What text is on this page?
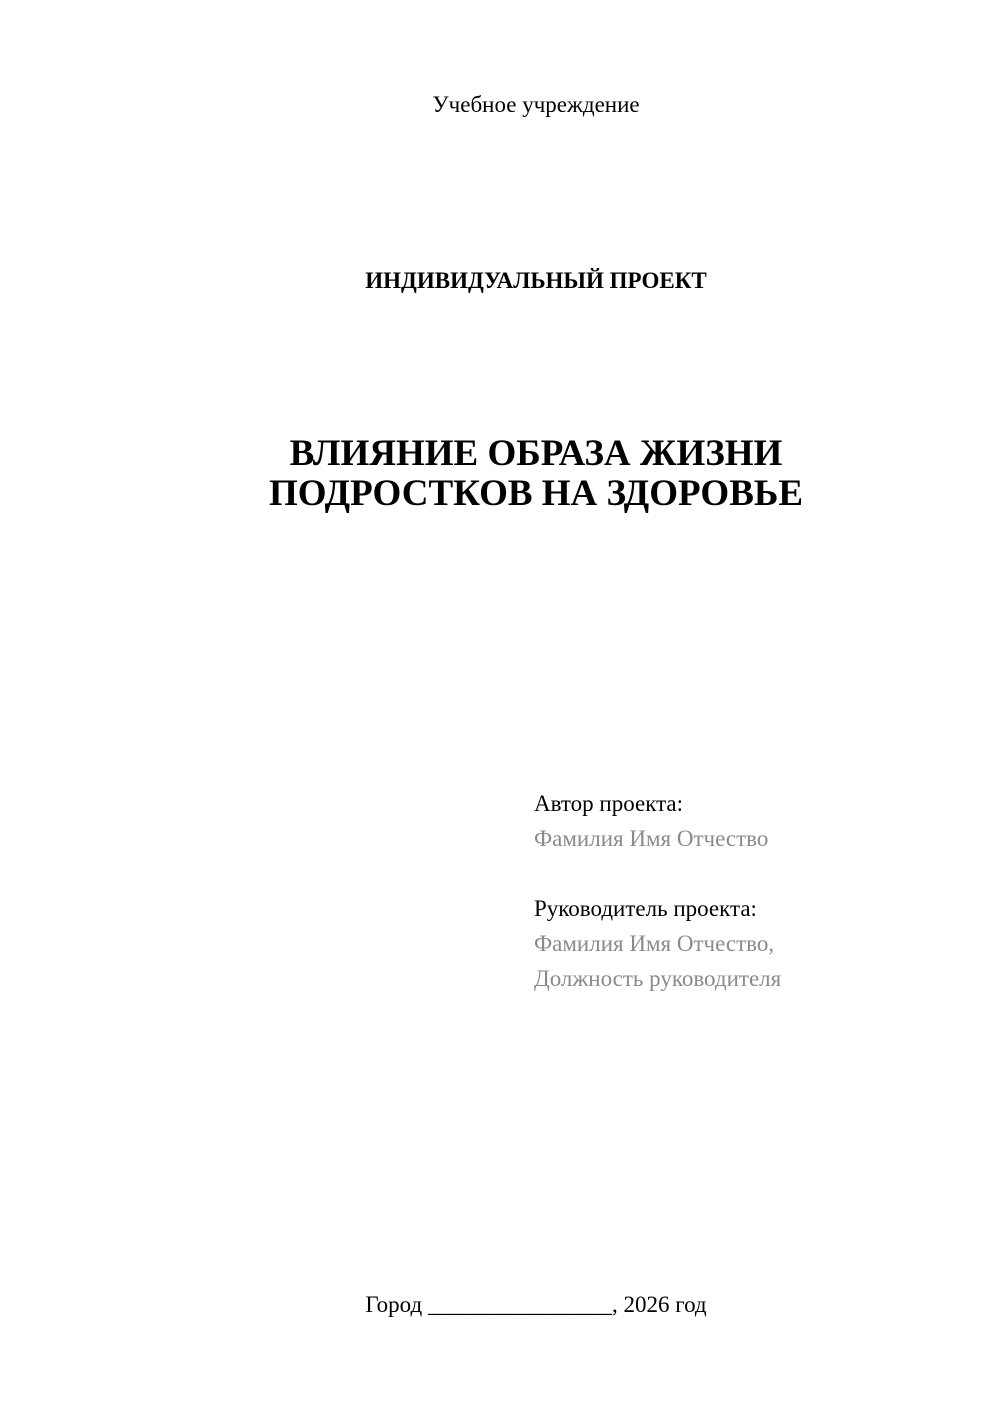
Учебное учреждение
ИНДИВИДУАЛЬНЫЙ ПРОЕКТ
ВЛИЯНИЕ ОБРАЗА ЖИЗНИ
ПОДРОСТКОВ НА ЗДОРОВЬЕ
Автор проекта:
Фамилия Имя Отчество
Руководитель проекта:
Фамилия Имя Отчество,
Должность руководителя
Город ________________, 2026 год
